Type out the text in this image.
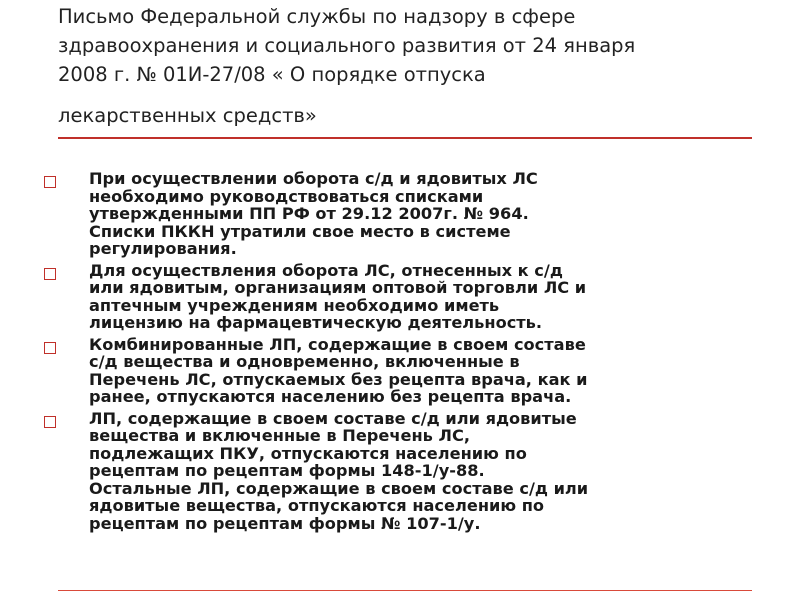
Письмо Федеральной службы по надзору в сфере
здравоохранения и социального развития от 24 января
2008 г. № 01И-27/08 « О порядке отпуска
лекарственных средств»
При осуществлении оборота с/д и ядовитых ЛС
необходимо руководствоваться списками
утвержденными ПП РФ от 29.12 2007г. № 964.
Списки ПККН утратили свое место в системе
регулирования.
Для осуществления оборота ЛС, отнесенных к с/д
или ядовитым, организациям оптовой торговли ЛС и
аптечным учреждениям необходимо иметь
лицензию на фармацевтическую деятельность.
Комбинированные ЛП, содержащие в своем составе
с/д вещества и одновременно, включенные в
Перечень ЛС, отпускаемых без рецепта врача, как и
ранее, отпускаются населению без рецепта врача.
ЛП, содержащие в своем составе с/д или ядовитые
вещества и включенные в Перечень ЛС,
подлежащих ПКУ, отпускаются населению по
рецептам по рецептам формы 148-1/у-88.
Остальные ЛП, содержащие в своем составе с/д или
ядовитые вещества, отпускаются населению по
рецептам по рецептам формы № 107-1/у.
